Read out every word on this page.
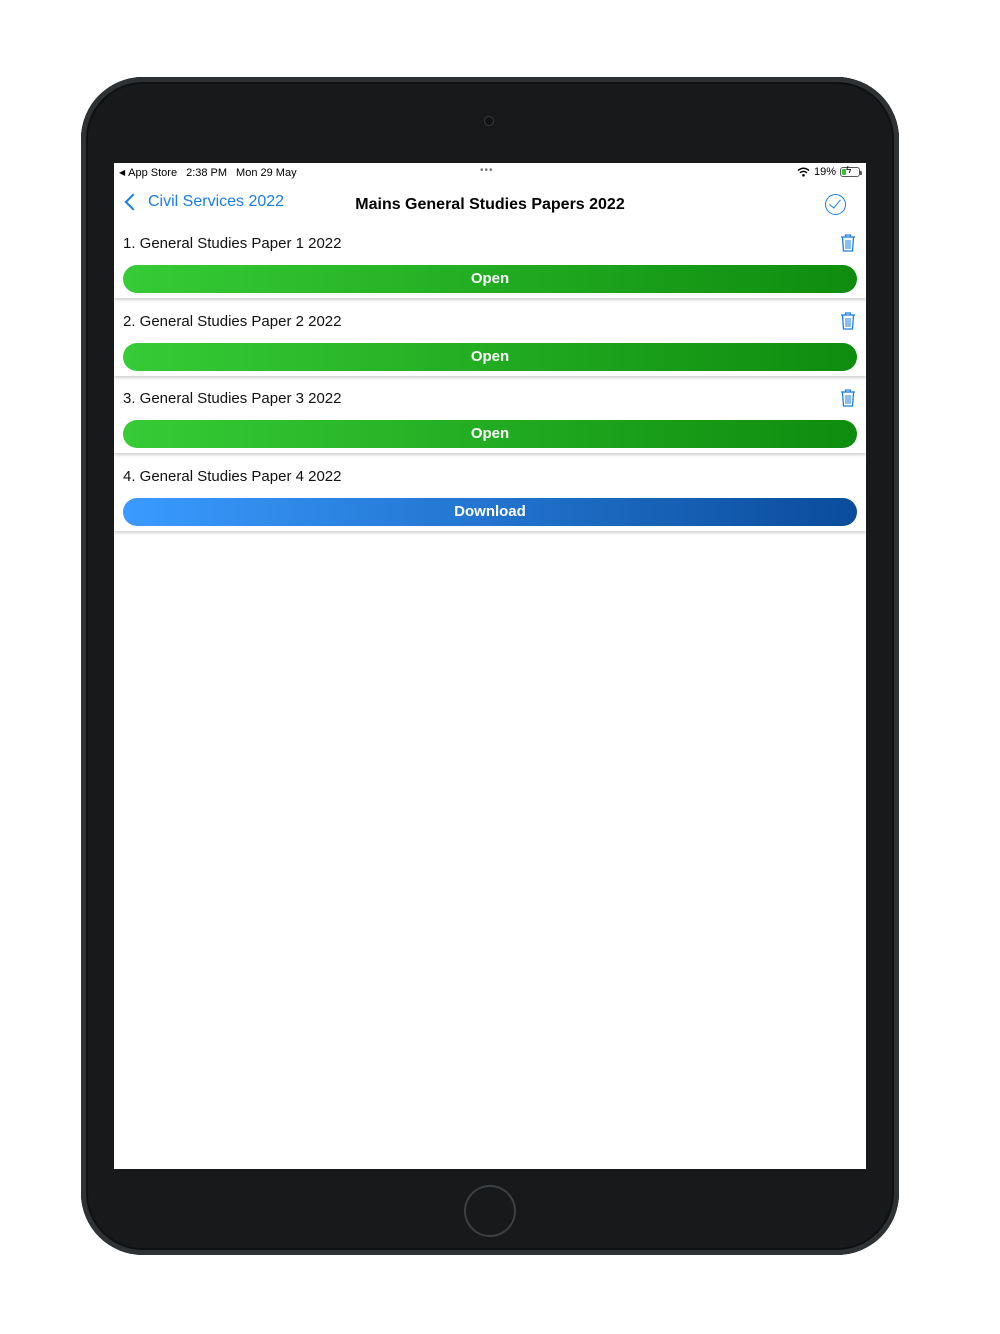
◀ App Store 2:38 PM Mon 29 May	•••	19% ϟ
Civil Services 2022	Mains General Studies Papers 2022
1. General Studies Paper 1 2022
Open
2. General Studies Paper 2 2022
Open
3. General Studies Paper 3 2022
Open
4. General Studies Paper 4 2022
Download
